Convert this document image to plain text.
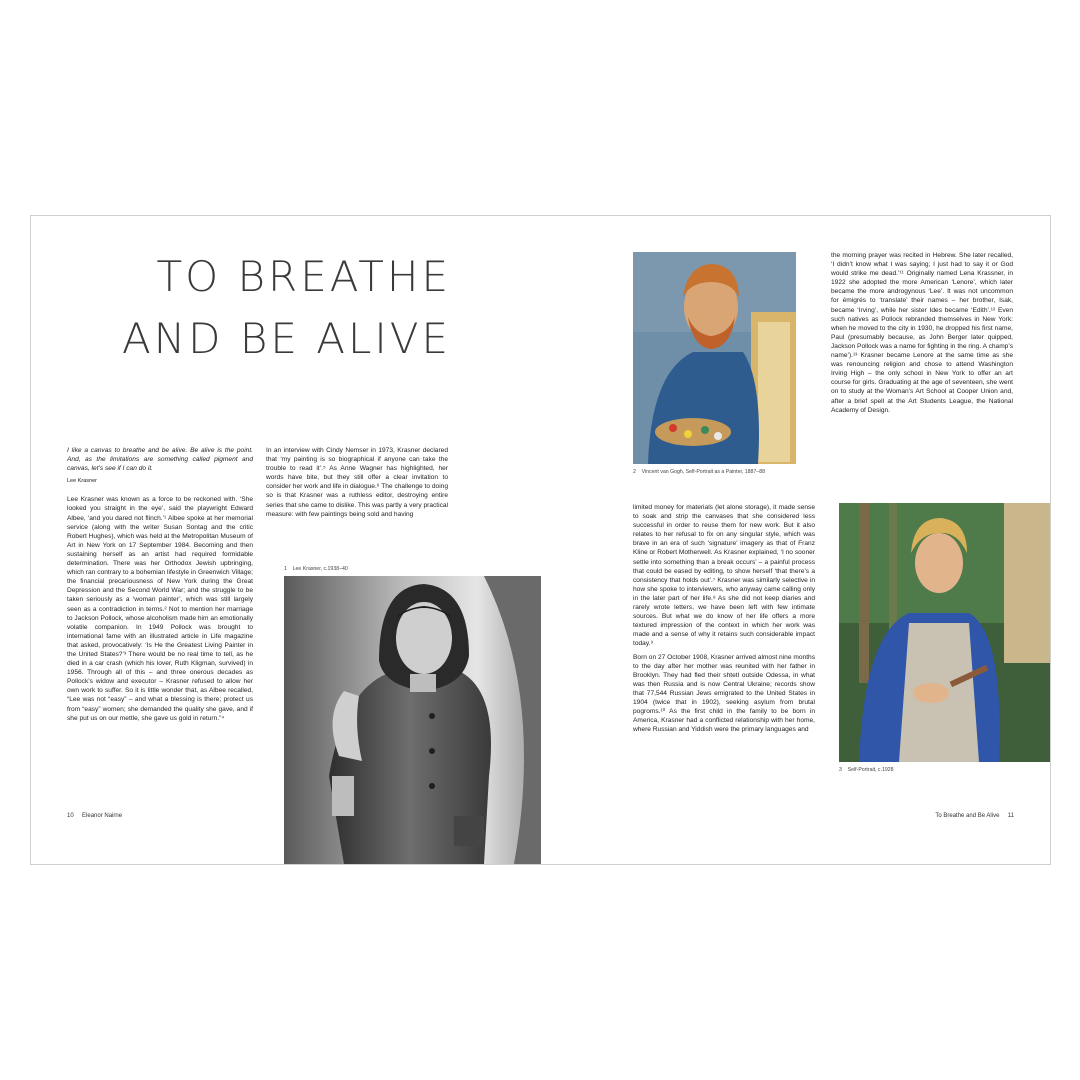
TO BREATHE
AND BE ALIVE

I like a canvas to breathe and be alive. Be alive is the point. And, as the limitations are something called pigment and canvas, let’s see if I can do it.

Lee Krasner

Lee Krasner was known as a force to be reckoned with. ‘She looked you straight in the eye’, said the playwright Edward Albee, ‘and you dared not flinch.’¹ Albee spoke at her memorial service (along with the writer Susan Sontag and the critic Robert Hughes), which was held at the Metropolitan Museum of Art in New York on 17 September 1984. Becoming and then sustaining herself as an artist had required formidable determination. There was her Orthodox Jewish upbringing, which ran contrary to a bohemian lifestyle in Greenwich Village; the financial precariousness of New York during the Great Depression and the Second World War; and the struggle to be taken seriously as a ‘woman painter’, which was still largely seen as a contradiction in terms.² Not to mention her marriage to Jackson Pollock, whose alcoholism made him an emotionally volatile companion. In 1949 Pollock was brought to international fame with an illustrated article in Life magazine that asked, provocatively: ‘Is He the Greatest Living Painter in the United States?’³ There would be no real time to tell, as he died in a car crash (which his lover, Ruth Kligman, survived) in 1956. Through all of this – and three onerous decades as Pollock’s widow and executor – Krasner refused to allow her own work to suffer. So it is little wonder that, as Albee recalled, “Lee was not “easy” – and what a blessing is there; protect us from “easy” women; she demanded the quality she gave, and if she put us on our mettle, she gave us gold in return.”⁴

In an interview with Cindy Nemser in 1973, Krasner declared that ‘my painting is so biographical if anyone can take the trouble to read it’.⁵ As Anne Wagner has highlighted, her words have bite, but they still offer a clear invitation to consider her work and life in dialogue.⁶ The challenge to doing so is that Krasner was a ruthless editor, destroying entire series that she came to dislike. This was partly a very practical measure: with few paintings being sold and having

1 Lee Krasner, c.1938–40
10 Eleanor Nairne
2 Vincent van Gogh, Self-Portrait as a Painter, 1887–88

limited money for materials (let alone storage), it made sense to soak and strip the canvases that she considered less successful in order to reuse them for new work. But it also relates to her refusal to fix on any singular style, which was brave in an era of such ‘signature’ imagery as that of Franz Kline or Robert Motherwell. As Krasner explained, ‘I no sooner settle into something than a break occurs’ – a painful process that could be eased by editing, to show herself ‘that there’s a consistency that holds out’.⁷ Krasner was similarly selective in how she spoke to interviewers, who anyway came calling only in the later part of her life.⁸ As she did not keep diaries and rarely wrote letters, we have been left with few intimate sources. But what we do know of her life offers a more textured impression of the context in which her work was made and a sense of why it retains such considerable impact today.⁹

Born on 27 October 1908, Krasner arrived almost nine months to the day after her mother was reunited with her father in Brooklyn. They had fled their shtetl outside Odessa, in what was then Russia and is now Central Ukraine; records show that 77,544 Russian Jews emigrated to the United States in 1904 (twice that in 1902), seeking asylum from brutal pogroms.¹⁰ As the first child in the family to be born in America, Krasner had a conflicted relationship with her home, where Russian and Yiddish were the primary languages and

the morning prayer was recited in Hebrew. She later recalled, ‘I didn’t know what I was saying; I just had to say it or God would strike me dead.’¹¹ Originally named Lena Krassner, in 1922 she adopted the more American ‘Lenore’, which later became the more androgynous ‘Lee’. It was not uncommon for émigrés to ‘translate’ their names – her brother, Isak, became ‘Irving’, while her sister Ides became ‘Edith’.¹² Even such natives as Pollock rebranded themselves in New York: when he moved to the city in 1930, he dropped his first name, Paul (presumably because, as John Berger later quipped, Jackson Pollock was a name for fighting in the ring. A champ’s name’).¹³ Krasner became Lenore at the same time as she was renouncing religion and chose to attend Washington Irving High – the only school in New York to offer an art course for girls. Graduating at the age of seventeen, she went on to study at the Woman’s Art School at Cooper Union and, after a brief spell at the Art Students League, the National Academy of Design.

3 Self-Portrait, c.1928
To Breathe and Be Alive 11
